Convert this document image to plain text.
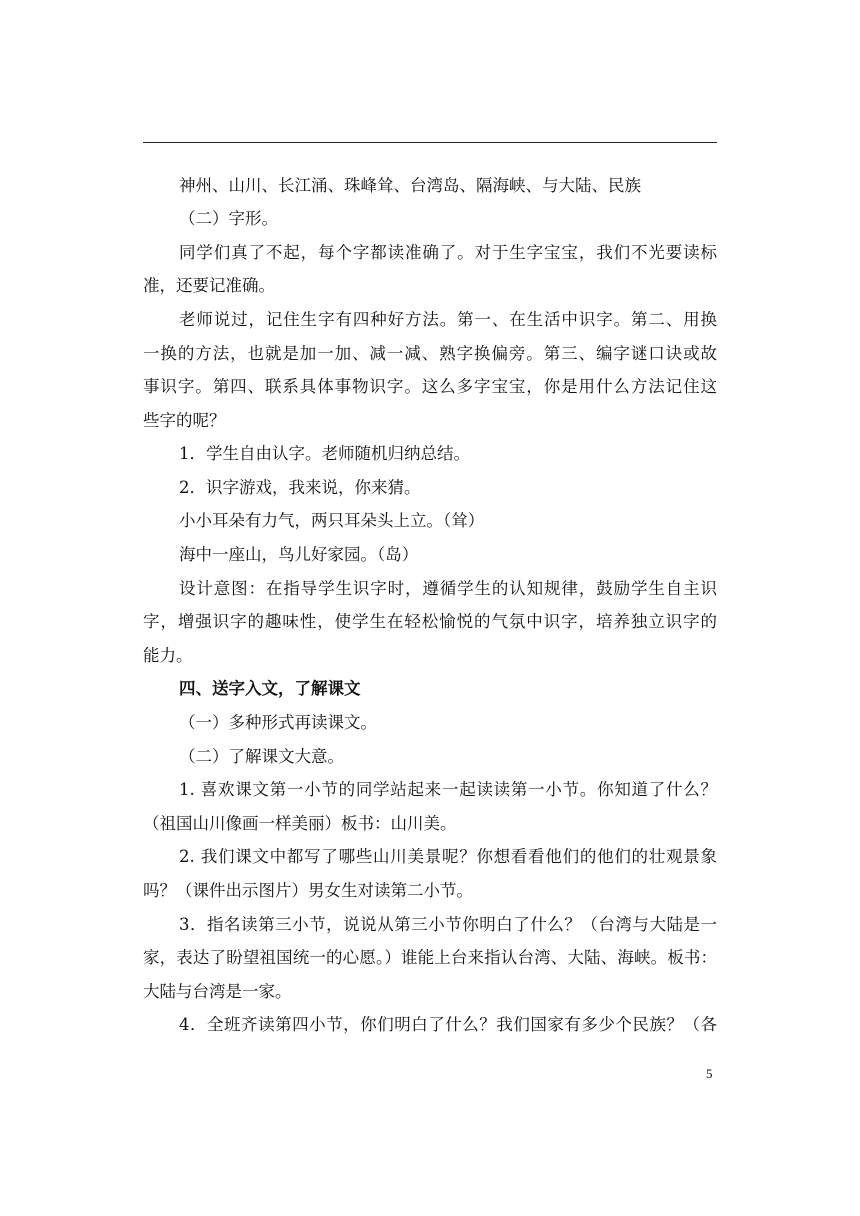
神州、山川、长江涌、珠峰耸、台湾岛、隔海峡、与大陆、民族
（二）字形。
同学们真了不起，每个字都读准确了。对于生字宝宝，我们不光要读标
准，还要记准确。
老师说过，记住生字有四种好方法。第一、在生活中识字。第二、用换
一换的方法，也就是加一加、减一减、熟字换偏旁。第三、编字谜口诀或故
事识字。第四、联系具体事物识字。这么多字宝宝，你是用什么方法记住这
些字的呢？
1．学生自由认字。老师随机归纳总结。
2．识字游戏，我来说，你来猜。
小小耳朵有力气，两只耳朵头上立。（耸）
海中一座山，鸟儿好家园。（岛）
设计意图：在指导学生识字时，遵循学生的认知规律，鼓励学生自主识
字，增强识字的趣味性，使学生在轻松愉悦的气氛中识字，培养独立识字的
能力。
四、送字入文，了解课文
（一）多种形式再读课文。
（二）了解课文大意。
1. 喜欢课文第一小节的同学站起来一起读读第一小节。你知道了什么？
（祖国山川像画一样美丽）板书：山川美。
2. 我们课文中都写了哪些山川美景呢？你想看看他们的他们的壮观景象
吗？（课件出示图片）男女生对读第二小节。
3．指名读第三小节，说说从第三小节你明白了什么？（台湾与大陆是一
家，表达了盼望祖国统一的心愿。）谁能上台来指认台湾、大陆、海峡。板书：
大陆与台湾是一家。
4．全班齐读第四小节，你们明白了什么？我们国家有多少个民族？（各
5
